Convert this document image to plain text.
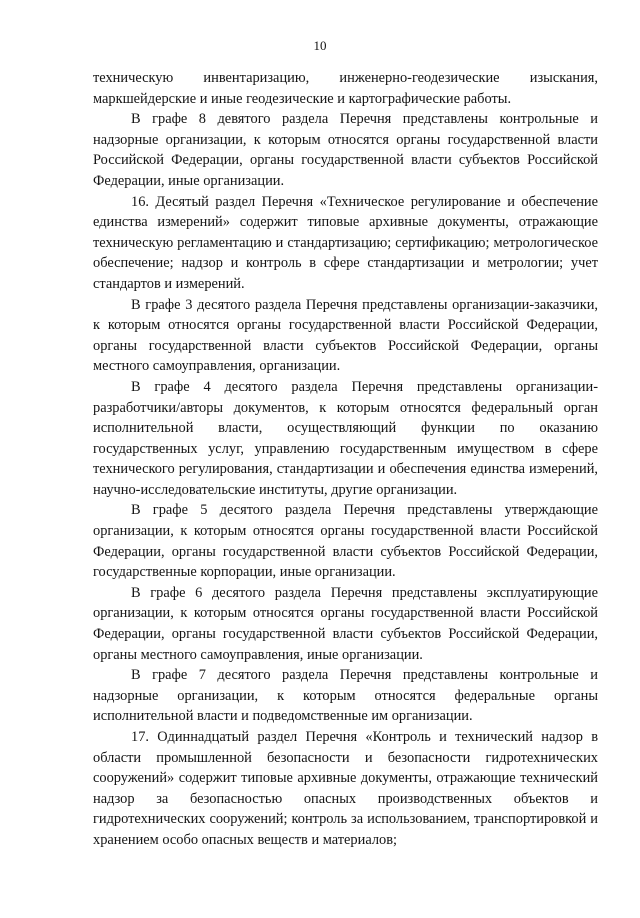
10

техническую инвентаризацию, инженерно-геодезические изыскания, маркшейдерские и иные геодезические и картографические работы.

В графе 8 девятого раздела Перечня представлены контрольные и надзорные организации, к которым относятся органы государственной власти Российской Федерации, органы государственной власти субъектов Российской Федерации, иные организации.

16. Десятый раздел Перечня «Техническое регулирование и обеспечение единства измерений» содержит типовые архивные документы, отражающие техническую регламентацию и стандартизацию; сертификацию; метрологическое обеспечение; надзор и контроль в сфере стандартизации и метрологии; учет стандартов и измерений.

В графе 3 десятого раздела Перечня представлены организации-заказчики, к которым относятся органы государственной власти Российской Федерации, органы государственной власти субъектов Российской Федерации, органы местного самоуправления, организации.

В графе 4 десятого раздела Перечня представлены организации-разработчики/авторы документов, к которым относятся федеральный орган исполнительной власти, осуществляющий функции по оказанию государственных услуг, управлению государственным имуществом в сфере технического регулирования, стандартизации и обеспечения единства измерений, научно-исследовательские институты, другие организации.

В графе 5 десятого раздела Перечня представлены утверждающие организации, к которым относятся органы государственной власти Российской Федерации, органы государственной власти субъектов Российской Федерации, государственные корпорации, иные организации.

В графе 6 десятого раздела Перечня представлены эксплуатирующие организации, к которым относятся органы государственной власти Российской Федерации, органы государственной власти субъектов Российской Федерации, органы местного самоуправления, иные организации.

В графе 7 десятого раздела Перечня представлены контрольные и надзорные организации, к которым относятся федеральные органы исполнительной власти и подведомственные им организации.

17. Одиннадцатый раздел Перечня «Контроль и технический надзор в области промышленной безопасности и безопасности гидротехнических сооружений» содержит типовые архивные документы, отражающие технический надзор за безопасностью опасных производственных объектов и гидротехнических сооружений; контроль за использованием, транспортировкой и хранением особо опасных веществ и материалов;
